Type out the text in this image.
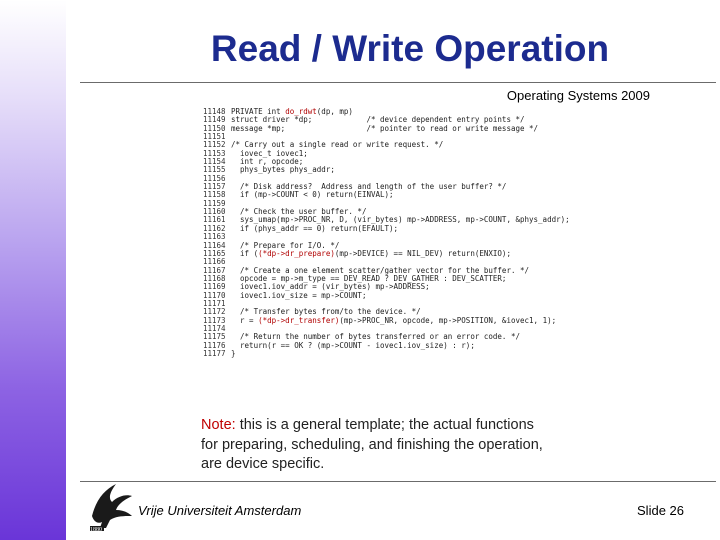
Read / Write Operation
Operating Systems 2009
11148 PRIVATE int do_rdwt(dp, mp)
11149 struct driver *dp;            /* device dependent entry points */
11150 message *mp;                  /* pointer to read or write message */
11151
11152 /* Carry out a single read or write request. */
11153 iovec_t iovec1;
11154 int r, opcode;
11155 phys_bytes phys_addr;
11156
11157 /* Disk address?  Address and length of the user buffer? */
11158 if (mp->COUNT < 0) return(EINVAL);
11159
11160 /* Check the user buffer. */
11161 sys_umap(mp->PROC_NR, D, (vir_bytes) mp->ADDRESS, mp->COUNT, &phys_addr);
11162 if (phys_addr == 0) return(EFAULT);
11163
11164 /* Prepare for I/O. */
11165 if ((*dp->dr_prepare)(mp->DEVICE) == NIL_DEV) return(ENXIO);
11166
11167 /* Create a one element scatter/gather vector for the buffer. */
11168 opcode = mp->m_type == DEV_READ ? DEV_GATHER : DEV_SCATTER;
11169 iovec1.iov_addr = (vir_bytes) mp->ADDRESS;
11170 iovec1.iov_size = mp->COUNT;
11171
11172 /* Transfer bytes from/to the device. */
11173 r = (*dp->dr_transfer)(mp->PROC_NR, opcode, mp->POSITION, &iovec1, 1);
11174
11175 /* Return the number of bytes transferred or an error code. */
11176 return(r == OK ? (mp->COUNT - iovec1.iov_size) : r);
11177 }
Note: this is a general template; the actual functions
for preparing, scheduling, and finishing the operation,
are device specific.
1880
Vrije Universiteit Amsterdam	Slide 26
